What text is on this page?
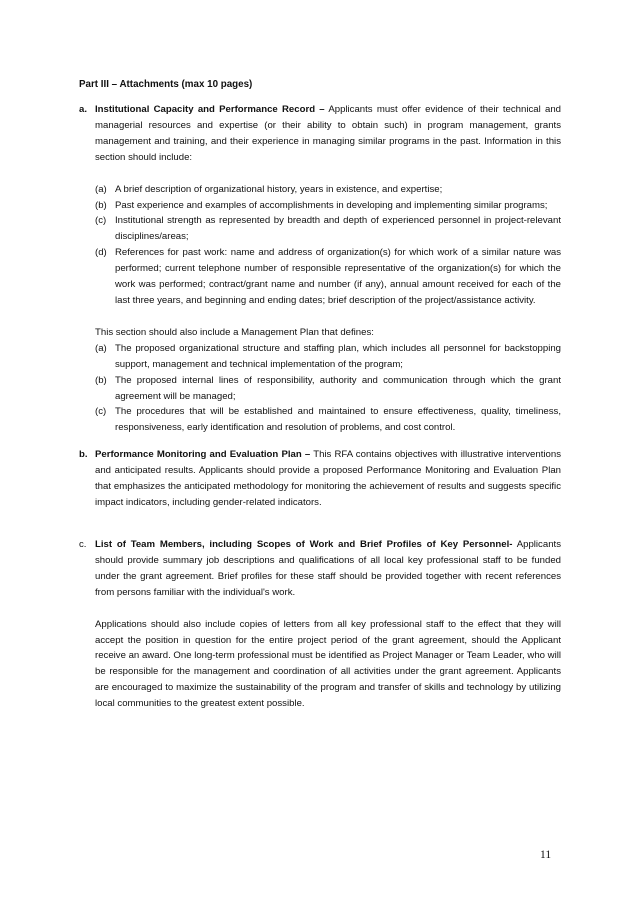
Part III – Attachments (max 10 pages)

a. Institutional Capacity and Performance Record – Applicants must offer evidence of their technical and managerial resources and expertise (or their ability to obtain such) in program management, grants management and training, and their experience in managing similar programs in the past. Information in this section should include:

(a) A brief description of organizational history, years in existence, and expertise;
(b) Past experience and examples of accomplishments in developing and implementing similar programs;
(c) Institutional strength as represented by breadth and depth of experienced personnel in project-relevant disciplines/areas;
(d) References for past work: name and address of organization(s) for which work of a similar nature was performed; current telephone number of responsible representative of the organization(s) for which the work was performed; contract/grant name and number (if any), annual amount received for each of the last three years, and beginning and ending dates; brief description of the project/assistance activity.

This section should also include a Management Plan that defines:

(a) The proposed organizational structure and staffing plan, which includes all personnel for backstopping support, management and technical implementation of the program;
(b) The proposed internal lines of responsibility, authority and communication through which the grant agreement will be managed;
(c) The procedures that will be established and maintained to ensure effectiveness, quality, timeliness, responsiveness, early identification and resolution of problems, and cost control.

b. Performance Monitoring and Evaluation Plan – This RFA contains objectives with illustrative interventions and anticipated results. Applicants should provide a proposed Performance Monitoring and Evaluation Plan that emphasizes the anticipated methodology for monitoring the achievement of results and suggests specific impact indicators, including gender-related indicators.

c. List of Team Members, including Scopes of Work and Brief Profiles of Key Personnel- Applicants should provide summary job descriptions and qualifications of all local key professional staff to be funded under the grant agreement. Brief profiles for these staff should be provided together with recent references from persons familiar with the individual's work.

Applications should also include copies of letters from all key professional staff to the effect that they will accept the position in question for the entire project period of the grant agreement, should the Applicant receive an award. One long-term professional must be identified as Project Manager or Team Leader, who will be responsible for the management and coordination of all activities under the grant agreement. Applicants are encouraged to maximize the sustainability of the program and transfer of skills and technology by utilizing local communities to the greatest extent possible.

11
